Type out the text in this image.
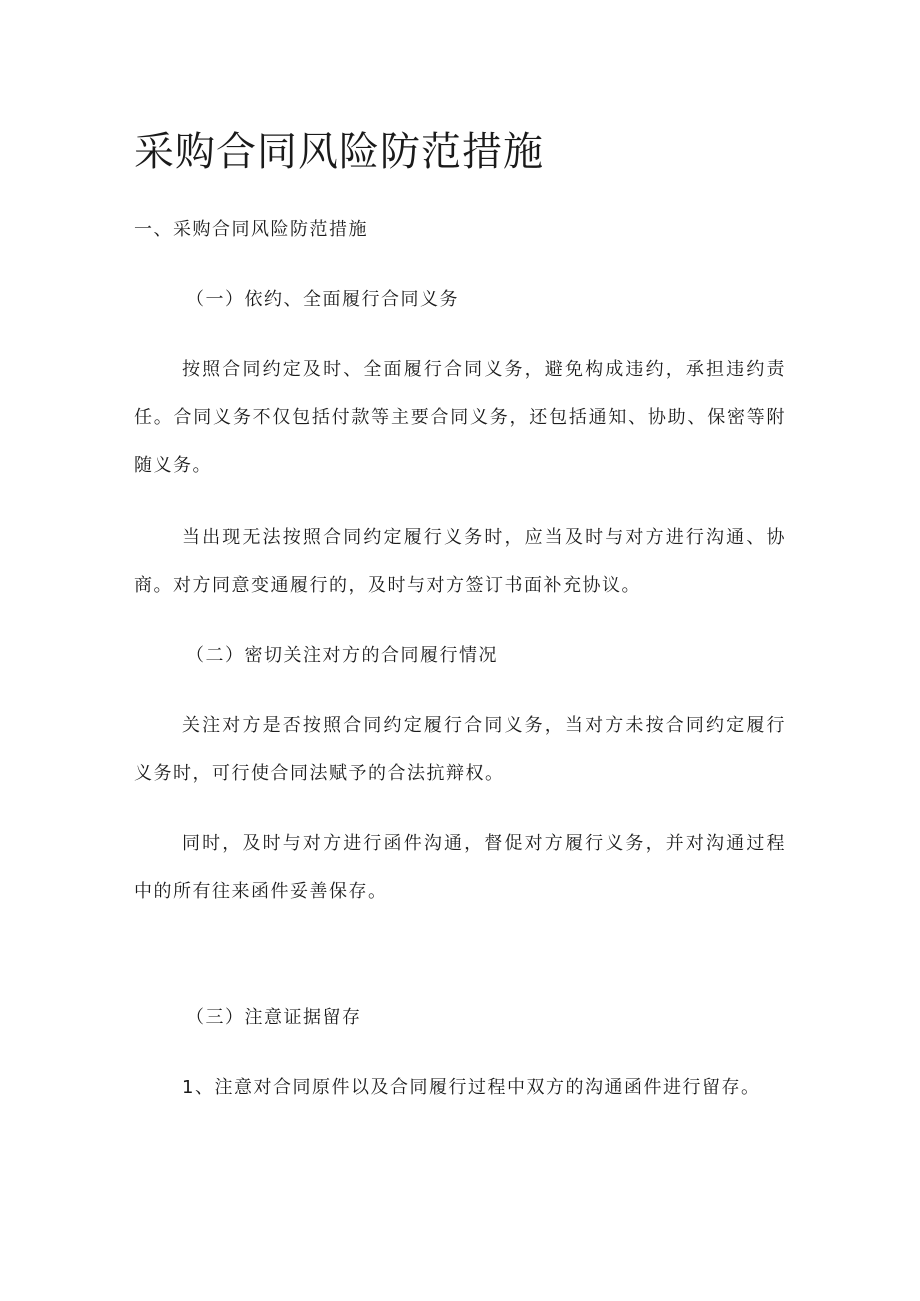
采购合同风险防范措施

一、采购合同风险防范措施

（一）依约、全面履行合同义务

按照合同约定及时、全面履行合同义务，避免构成违约，承担违约责任。合同义务不仅包括付款等主要合同义务，还包括通知、协助、保密等附随义务。

当出现无法按照合同约定履行义务时，应当及时与对方进行沟通、协商。对方同意变通履行的，及时与对方签订书面补充协议。

（二）密切关注对方的合同履行情况

关注对方是否按照合同约定履行合同义务，当对方未按合同约定履行义务时，可行使合同法赋予的合法抗辩权。

同时，及时与对方进行函件沟通，督促对方履行义务，并对沟通过程中的所有往来函件妥善保存。

（三）注意证据留存

1、注意对合同原件以及合同履行过程中双方的沟通函件进行留存。
